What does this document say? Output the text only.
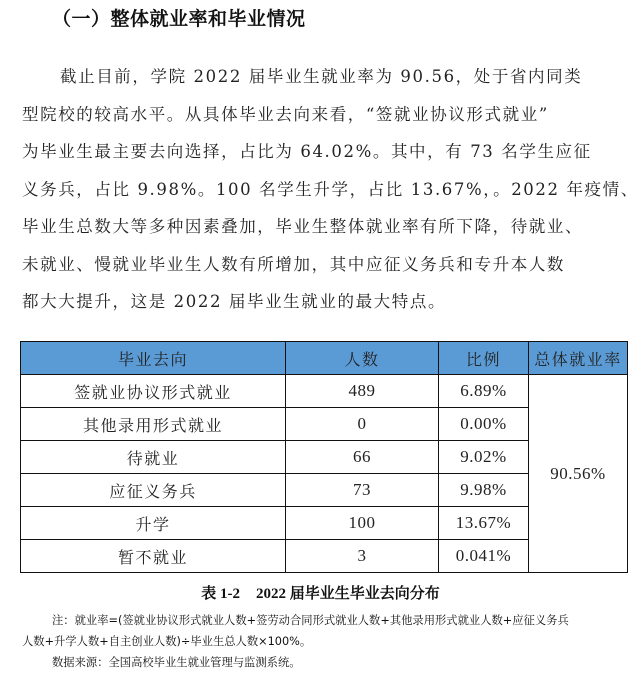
（一）整体就业率和毕业情况

截止目前，学院 2022 届毕业生就业率为 90.56，处于省内同类

型院校的较高水平。从具体毕业去向来看，“签就业协议形式就业”

为毕业生最主要去向选择，占比为 64.02%。其中，有 73 名学生应征

义务兵，占比 9.98%。100 名学生升学，占比 13.67%，。2022 年疫情、

毕业生总数大等多种因素叠加，毕业生整体就业率有所下降，待就业、

未就业、慢就业毕业生人数有所增加，其中应征义务兵和专升本人数

都大大提升，这是 2022 届毕业生就业的最大特点。

毕业去向	人数	比例	总体就业率
签就业协议形式就业	489	6.89%	90.56%
其他录用形式就业	0	0.00%	
待就业	66	9.02%	
应征义务兵	73	9.98%	
升学	100	13.67%	
暂不就业	3	0.041%	
表 1-2 2022 届毕业生毕业去向分布

注：就业率=(签就业协议形式就业人数+签劳动合同形式就业人数+其他录用形式就业人数+应征义务兵

人数+升学人数+自主创业人数)÷毕业生总人数×100%。

数据来源：全国高校毕业生就业管理与监测系统。
